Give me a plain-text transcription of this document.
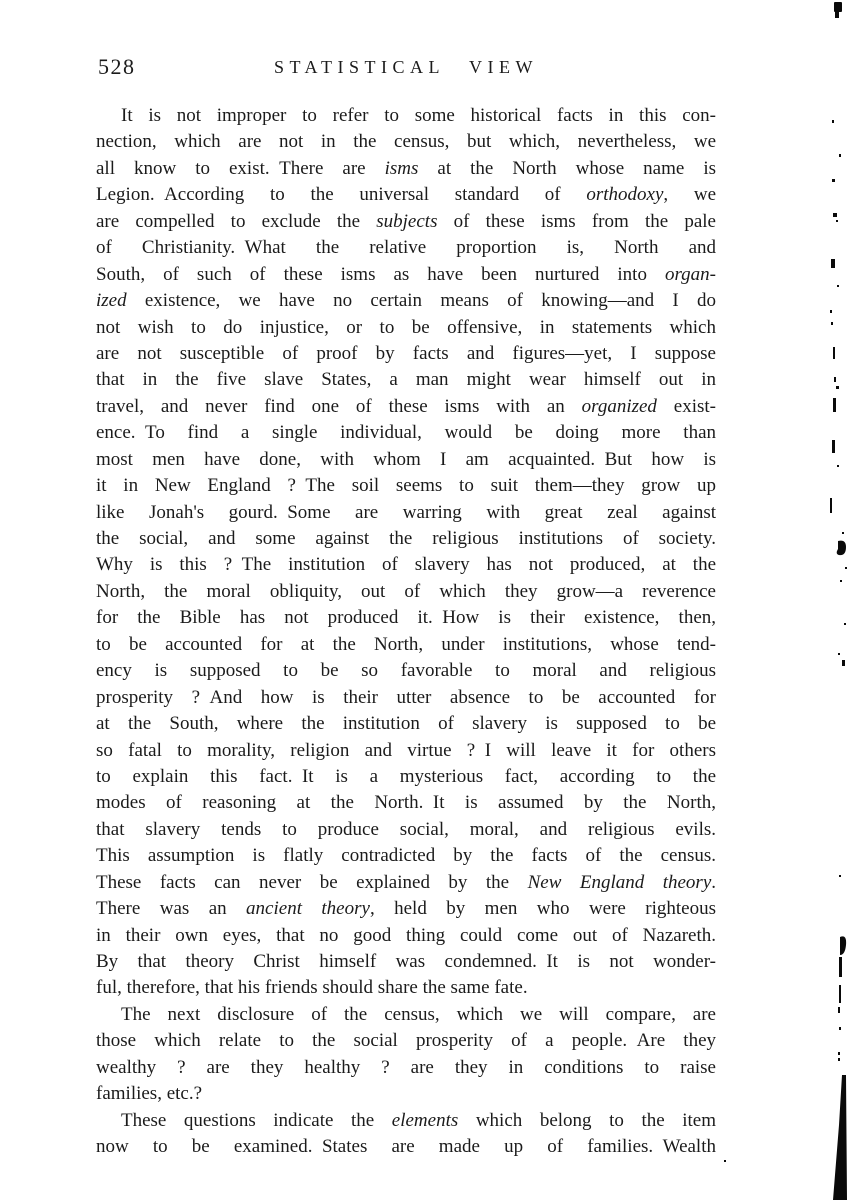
528	STATISTICAL VIEW
It is not improper to refer to some historical facts in this con-
nection, which are not in the census, but which, nevertheless, we
all know to exist. There are isms at the North whose name is
Legion. According to the universal standard of orthodoxy, we
are compelled to exclude the subjects of these isms from the pale
of Christianity. What the relative proportion is, North and
South, of such of these isms as have been nurtured into organ-
ized existence, we have no certain means of knowing—and I do
not wish to do injustice, or to be offensive, in statements which
are not susceptible of proof by facts and figures—yet, I suppose
that in the five slave States, a man might wear himself out in
travel, and never find one of these isms with an organized exist-
ence. To find a single individual, would be doing more than
most men have done, with whom I am acquainted. But how is
it in New England ? The soil seems to suit them—they grow up
like Jonah's gourd. Some are warring with great zeal against
the social, and some against the religious institutions of society.
Why is this ? The institution of slavery has not produced, at the
North, the moral obliquity, out of which they grow—a reverence
for the Bible has not produced it. How is their existence, then,
to be accounted for at the North, under institutions, whose tend-
ency is supposed to be so favorable to moral and religious
prosperity ? And how is their utter absence to be accounted for
at the South, where the institution of slavery is supposed to be
so fatal to morality, religion and virtue ? I will leave it for others
to explain this fact. It is a mysterious fact, according to the
modes of reasoning at the North. It is assumed by the North,
that slavery tends to produce social, moral, and religious evils.
This assumption is flatly contradicted by the facts of the census.
These facts can never be explained by the New England theory.
There was an ancient theory, held by men who were righteous
in their own eyes, that no good thing could come out of Nazareth.
By that theory Christ himself was condemned. It is not wonder-
ful, therefore, that his friends should share the same fate.
The next disclosure of the census, which we will compare, are
those which relate to the social prosperity of a people. Are they
wealthy ? are they healthy ? are they in conditions to raise
families, etc.?
These questions indicate the elements which belong to the item
now to be examined. States are made up of families. Wealth
